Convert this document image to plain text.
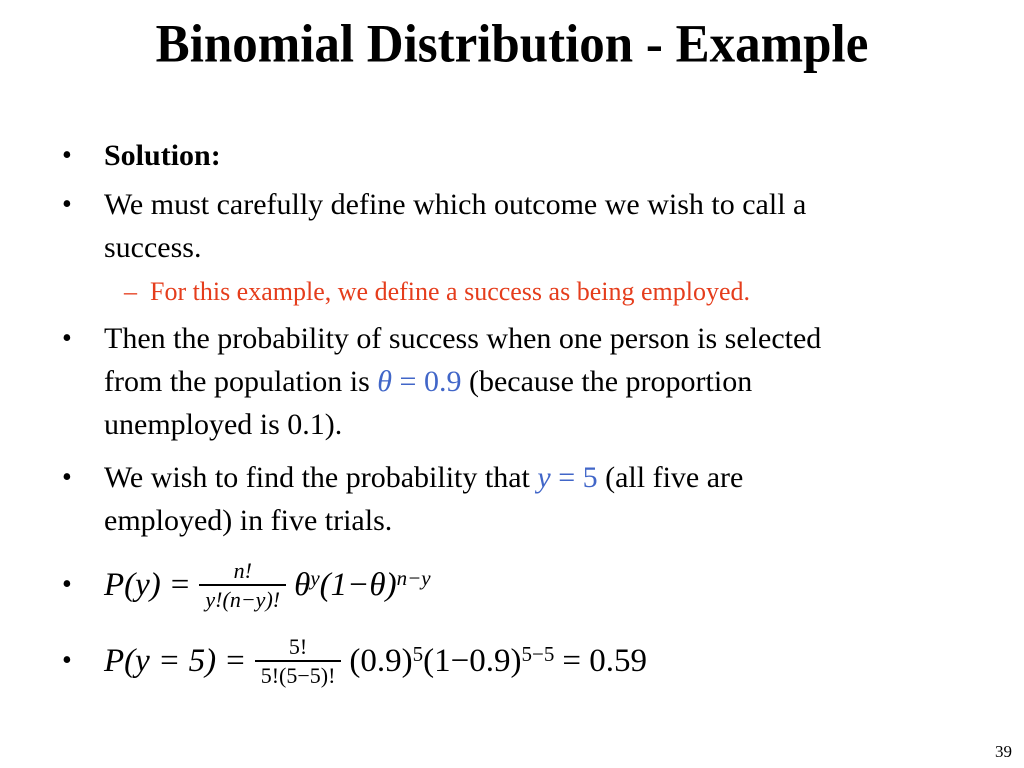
Binomial Distribution - Example
•	Solution:
•	We must carefully define which outcome we wish to call a
success.
– For this example, we define a success as being employed.
•	Then the probability of success when one person is selected
from the population is θ = 0.9 (because the proportion
unemployed is 0.1).
•	We wish to find the probability that y = 5 (all five are
employed) in five trials.
• $P(y) = \frac{n!}{y!(n-y)!} \theta^y$ $(1-\theta)^{n-y}$
• $P(y = 5) = \frac{5!}{5!(5-5)!} (0.9)^5$ $(1-0.9)^{5-5} = 0.59$
39
